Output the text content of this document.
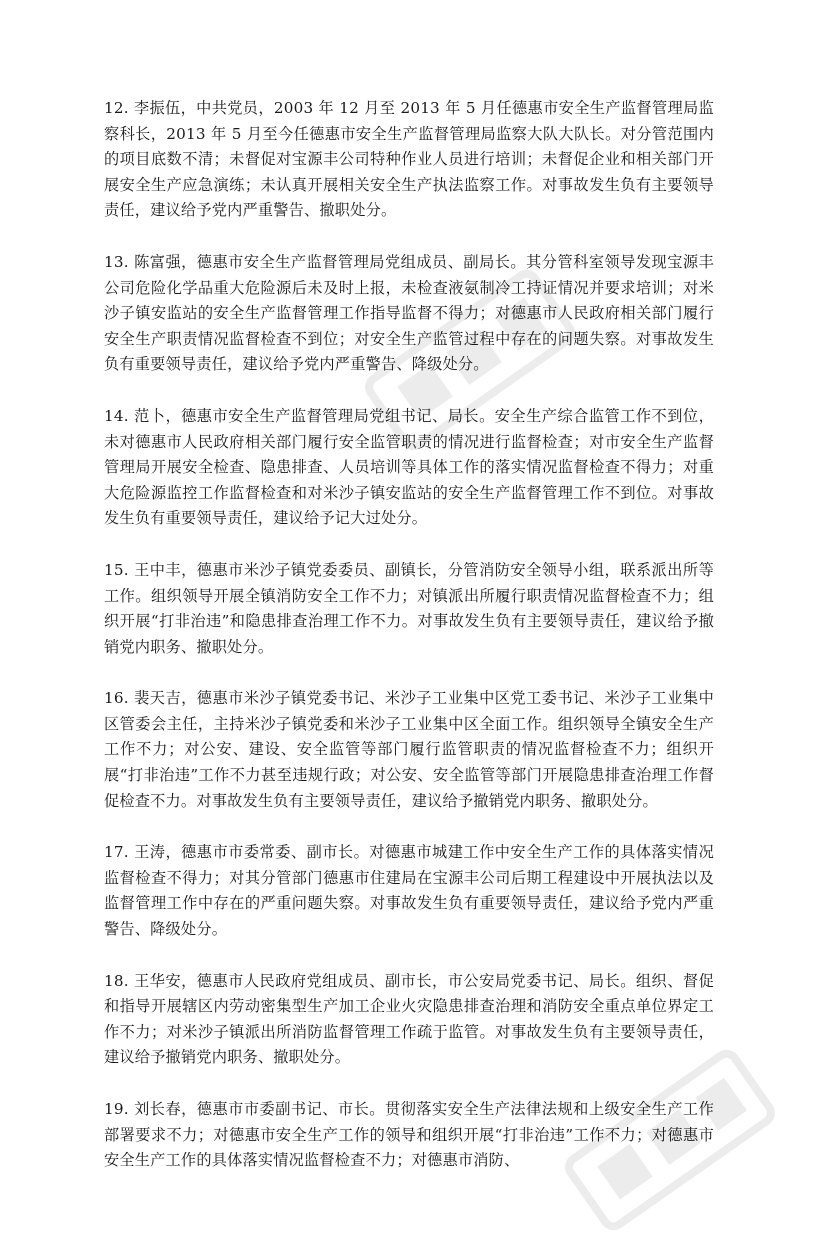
12. 李振伍，中共党员，2003 年 12 月至 2013 年 5 月任德惠市安全生产监督管理局监察科长，2013 年 5 月至今任德惠市安全生产监督管理局监察大队大队长。对分管范围内的项目底数不清；未督促对宝源丰公司特种作业人员进行培训；未督促企业和相关部门开展安全生产应急演练；未认真开展相关安全生产执法监察工作。对事故发生负有主要领导责任，建议给予党内严重警告、撤职处分。

13. 陈富强，德惠市安全生产监督管理局党组成员、副局长。其分管科室领导发现宝源丰公司危险化学品重大危险源后未及时上报，未检查液氨制冷工持证情况并要求培训；对米沙子镇安监站的安全生产监督管理工作指导监督不得力；对德惠市人民政府相关部门履行安全生产职责情况监督检查不到位；对安全生产监管过程中存在的问题失察。对事故发生负有重要领导责任，建议给予党内严重警告、降级处分。

14. 范卜，德惠市安全生产监督管理局党组书记、局长。安全生产综合监管工作不到位，未对德惠市人民政府相关部门履行安全监管职责的情况进行监督检查；对市安全生产监督管理局开展安全检查、隐患排查、人员培训等具体工作的落实情况监督检查不得力；对重大危险源监控工作监督检查和对米沙子镇安监站的安全生产监督管理工作不到位。对事故发生负有重要领导责任，建议给予记大过处分。

15. 王中丰，德惠市米沙子镇党委委员、副镇长，分管消防安全领导小组，联系派出所等工作。组织领导开展全镇消防安全工作不力；对镇派出所履行职责情况监督检查不力；组织开展“打非治违”和隐患排查治理工作不力。对事故发生负有主要领导责任，建议给予撤销党内职务、撤职处分。

16. 裴天吉，德惠市米沙子镇党委书记、米沙子工业集中区党工委书记、米沙子工业集中区管委会主任，主持米沙子镇党委和米沙子工业集中区全面工作。组织领导全镇安全生产工作不力；对公安、建设、安全监管等部门履行监管职责的情况监督检查不力；组织开展“打非治违”工作不力甚至违规行政；对公安、安全监管等部门开展隐患排查治理工作督促检查不力。对事故发生负有主要领导责任，建议给予撤销党内职务、撤职处分。

17. 王涛，德惠市市委常委、副市长。对德惠市城建工作中安全生产工作的具体落实情况监督检查不得力；对其分管部门德惠市住建局在宝源丰公司后期工程建设中开展执法以及监督管理工作中存在的严重问题失察。对事故发生负有重要领导责任，建议给予党内严重警告、降级处分。

18. 王华安，德惠市人民政府党组成员、副市长，市公安局党委书记、局长。组织、督促和指导开展辖区内劳动密集型生产加工企业火灾隐患排查治理和消防安全重点单位界定工作不力；对米沙子镇派出所消防监督管理工作疏于监管。对事故发生负有主要领导责任，建议给予撤销党内职务、撤职处分。

19. 刘长春，德惠市市委副书记、市长。贯彻落实安全生产法律法规和上级安全生产工作部署要求不力；对德惠市安全生产工作的领导和组织开展“打非治违”工作不力；对德惠市安全生产工作的具体落实情况监督检查不力；对德惠市消防、
